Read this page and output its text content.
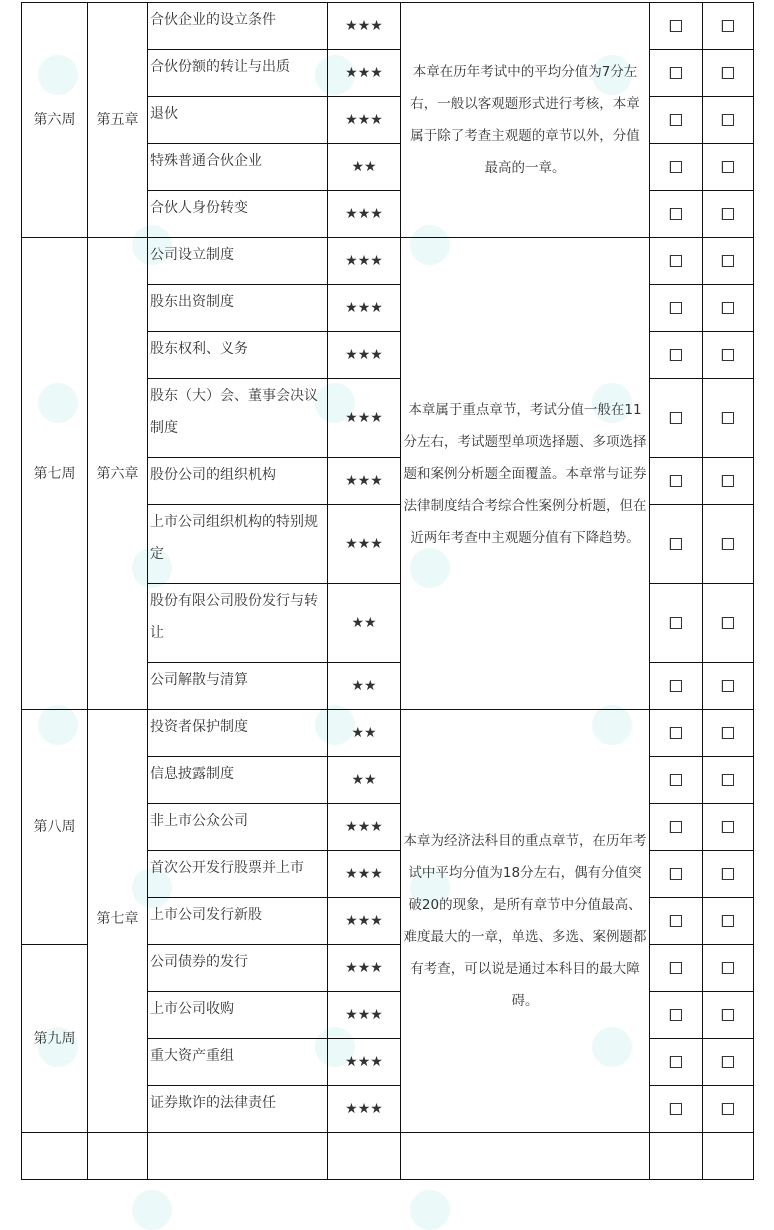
第六周	第五章	合伙企业的设立条件	★★★	本章在历年考试中的平均分值为7分左右，一般以客观题形式进行考核，本章属于除了考查主观题的章节以外，分值最高的一章。		
		合伙份额的转让与出质	★★★			
		退伙	★★★			
		特殊普通合伙企业	★★			
		合伙人身份转变	★★★			
第七周	第六章	公司设立制度	★★★	本章属于重点章节，考试分值一般在11分左右，考试题型单项选择题、多项选择题和案例分析题全面覆盖。本章常与证券法律制度结合考综合性案例分析题，但在近两年考查中主观题分值有下降趋势。		
		股东出资制度	★★★			
		股东权利、义务	★★★			
		股东（大）会、董事会决议制度	★★★			
		股份公司的组织机构	★★★			
		上市公司组织机构的特别规定	★★★			
		股份有限公司股份发行与转让	★★			
		公司解散与清算	★★			
第八周	第七章	投资者保护制度	★★	本章为经济法科目的重点章节，在历年考试中平均分值为18分左右，偶有分值突破20的现象，是所有章节中分值最高、难度最大的一章，单选、多选、案例题都有考查，可以说是通过本科目的最大障碍。		
		信息披露制度	★★			
		非上市公众公司	★★★			
		首次公开发行股票并上市	★★★			
		上市公司发行新股	★★★			
第九周		公司债券的发行	★★★			
		上市公司收购	★★★			
		重大资产重组	★★★			
		证券欺诈的法律责任	★★★			
